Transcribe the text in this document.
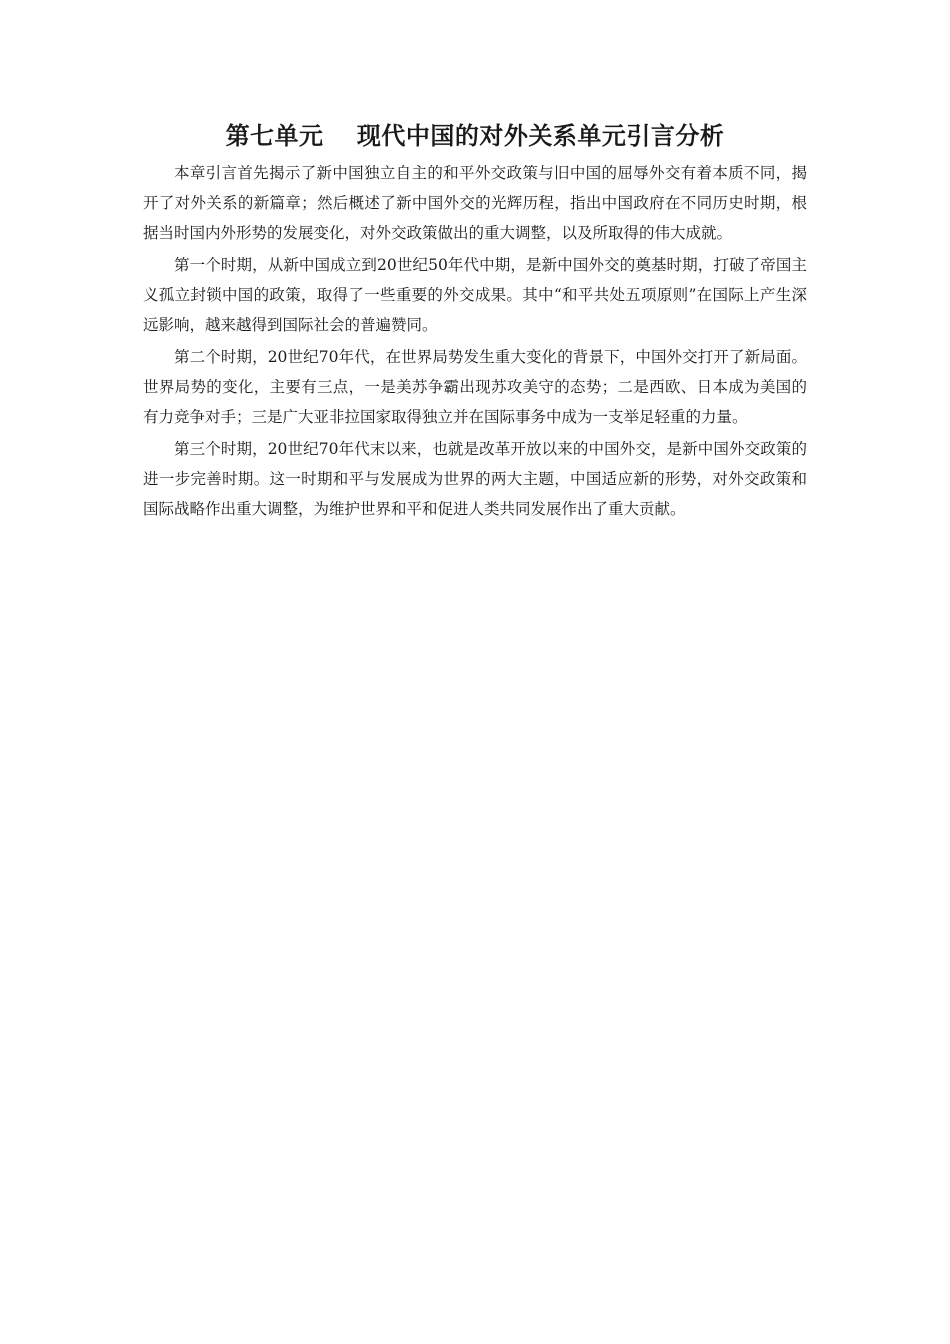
第七单元　 现代中国的对外关系单元引言分析

本章引言首先揭示了新中国独立自主的和平外交政策与旧中国的屈辱外交有着本质不同，揭开了对外关系的新篇章；然后概述了新中国外交的光辉历程，指出中国政府在不同历史时期，根据当时国内外形势的发展变化，对外交政策做出的重大调整，以及所取得的伟大成就。

第一个时期，从新中国成立到20世纪50年代中期，是新中国外交的奠基时期，打破了帝国主义孤立封锁中国的政策，取得了一些重要的外交成果。其中“和平共处五项原则”在国际上产生深远影响，越来越得到国际社会的普遍赞同。

第二个时期，20世纪70年代，在世界局势发生重大变化的背景下，中国外交打开了新局面。世界局势的变化，主要有三点，一是美苏争霸出现苏攻美守的态势；二是西欧、日本成为美国的有力竞争对手；三是广大亚非拉国家取得独立并在国际事务中成为一支举足轻重的力量。

第三个时期，20世纪70年代末以来，也就是改革开放以来的中国外交，是新中国外交政策的进一步完善时期。这一时期和平与发展成为世界的两大主题，中国适应新的形势，对外交政策和国际战略作出重大调整，为维护世界和平和促进人类共同发展作出了重大贡献。
